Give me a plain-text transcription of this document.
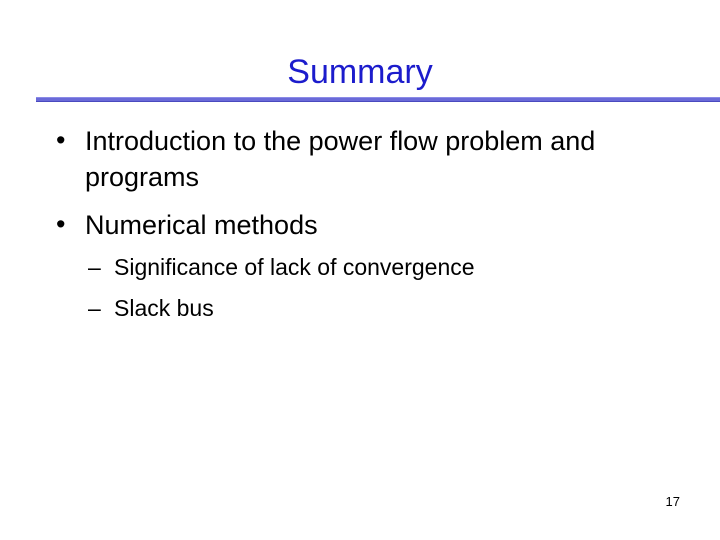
Summary
• Introduction to the power flow problem and programs
• Numerical methods
– Significance of lack of convergence
– Slack bus
17
